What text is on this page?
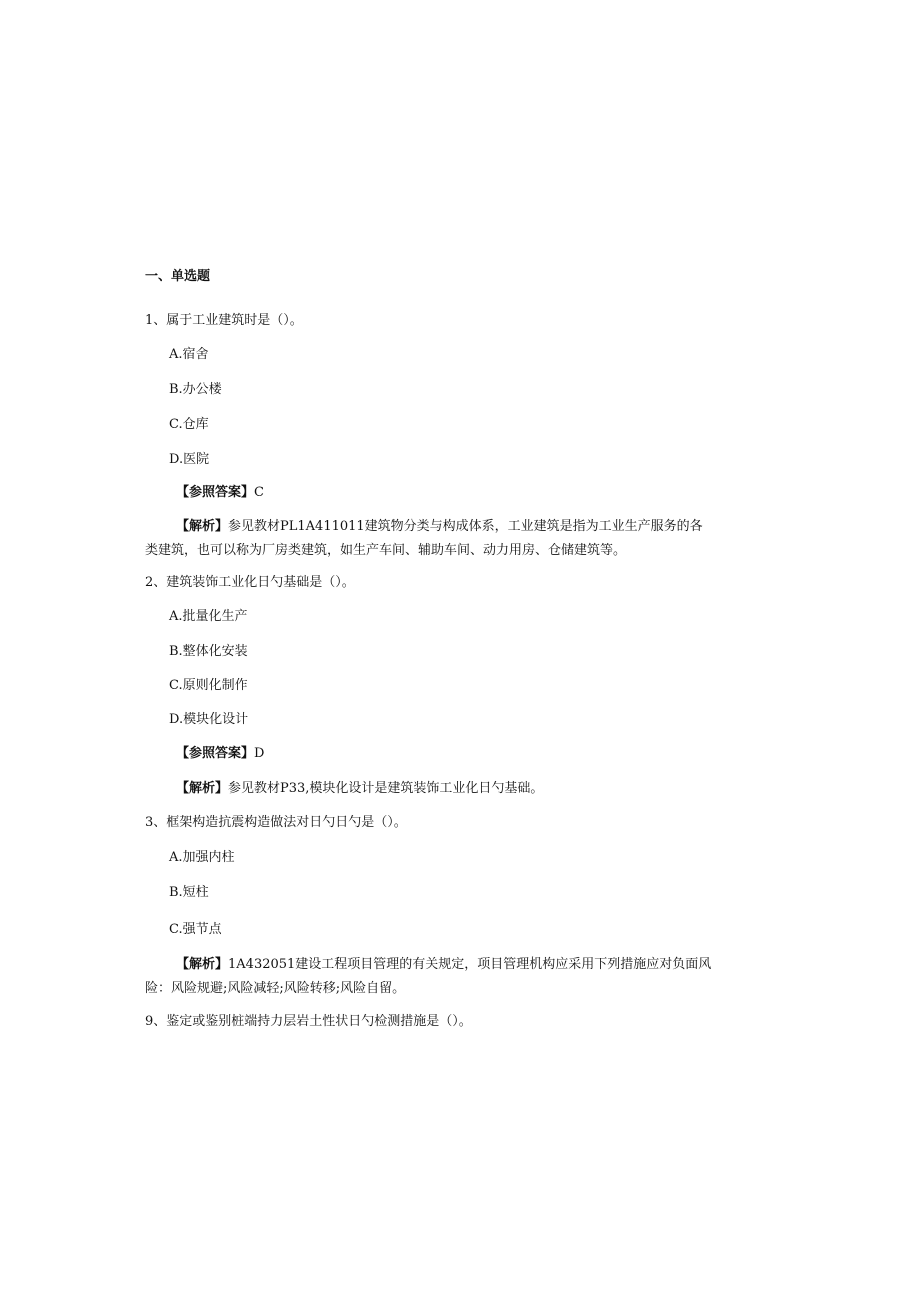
一、单选题
1、属于工业建筑时是（）。
A.宿舍
B.办公楼
C.仓库
D.医院
【参照答案】C
【解析】参见教材PL1A411011建筑物分类与构成体系，工业建筑是指为工业生产服务的各
类建筑，也可以称为厂房类建筑，如生产车间、辅助车间、动力用房、仓储建筑等。
2、建筑装饰工业化日勺基础是（）。
A.批量化生产
B.整体化安装
C.原则化制作
D.模块化设计
【参照答案】D
【解析】参见教材P33,模块化设计是建筑装饰工业化日勺基础。
3、框架构造抗震构造做法对日勺日勺是（）。
A.加强内柱
B.短柱
C.强节点
【解析】1A432051建设工程项目管理的有关规定，项目管理机构应采用下列措施应对负面风
险：风险规避;风险减轻;风险转移;风险自留。
9、鉴定或鉴别桩端持力层岩土性状日勺检测措施是（）。
